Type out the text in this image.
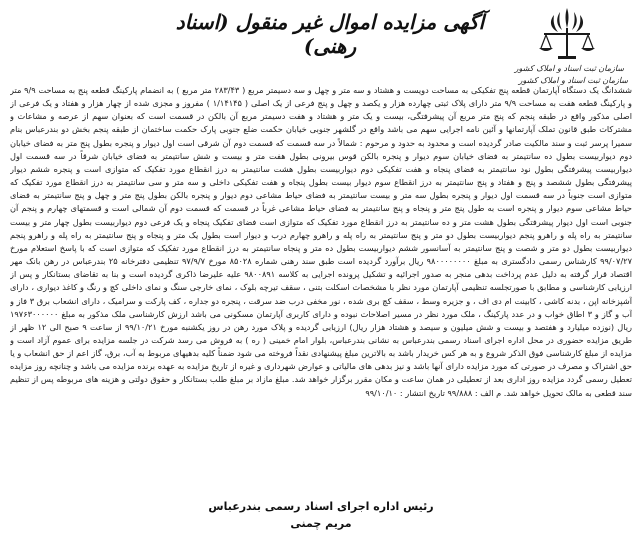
آگهی مزایده اموال غیر منقول (اسناد رهنی)
سازمان ثبت اسناد و املاک کشور
سازمان ثبت اسناد و املاک کشور
ششدانگ یک دستگاه آپارتمان قطعه پنج تفکیکی به مساحت دویست و هشتاد و سه متر و چهل و سه دسیمتر مربع ( ۲۸۳/۴۳ متر مربع ) به انضمام پارکینگ قطعه پنج به مساحت ۹/۹ متر و پارکینگ قطعه هفت به مساحت ۹/۹ متر دارای پلاک ثبتی چهارده هزار و یکصد و چهل و پنج فرعی از یک اصلی ( ۱/۱۴۱۴۵ ) مفروز و مجزی شده از چهار هزار و هفتاد و یک فرعی از اصلی مذکور واقع در طبقه پنجم که پنج متر مربع آن پیشرفتگی، بیست و یک متر و هشتاد و هفت دسیمتر مربع آن بالکن در قسمت است که بعنوان سهم از عرصه و مشاعات و مشترکات طبق قانون تملک آپارتمانها و آئین نامه اجرایی سهم می باشد واقع در گلشهر جنوبی خیابان حکمت ضلع جنوبی پارک حکمت ساختمان از طبقه پنجم بخش دو بندرعباس بنام سمیرا پرسر ثبت و سند مالکیت صادر گردیده است و محدود به حدود و مرحوم : شمالاً در سه قسمت که قسمت دوم آن شرقی است اول دیوار و پنجره بطول پنج متر به فضای خیابان دوم دیواربیست بطول ده سانتیمتر به فضای خیابان سوم دیوار و پنجره بالکن قوس بیرونی بطول هفت متر و بیست و شش سانتیمتر به فضای خیابان شرقاً در سه قسمت اول دیواربیست پیشرفتگی بطول نود سانتیمتر به فضای پنجاه و هفت تفکیکی دوم دیواربیست بطول هشت سانتیمتر به درز انقطاع مورد تفکیک که متوازی است و پنجره ششم دیوار پیشرفتگی بطول ششصد و پنج و هفتاد و پنج سانتیمتر به درز انقطاع سوم دیوار بیست بطول پنجاه و هفت تفکیکی داخلی و سه متر و سی سانتیمتر به درز انقطاع مورد تفکیک که متوازی است جنوباً در سه قسمت اول دیوار و پنجره بطول سه متر و بیست سانتیمتر به فضای حیاط مشاعی دوم دیوار و پنجره بالکن بطول پنج متر و چهل و پنج سانتیمتر به فضای حیاط مشاعی سوم دیوار و پنجره است به طول پنج متر و پنجاه و پنج سانتیمتر به فضای حیاط مشاعی غرباً در قسمت که قسمت دوم آن شمالی است و قسمتهای چهارم و پنجم آن جنوبی است اول دیوار پیشرفتگی بطول هشت متر و ده سانتیمتر به درز انقطاع مورد تفکیک که متوازی است فضای تفکیک پنجاه و یک فرعی دوم دیواربیست بطول چهار متر و بیست سانتیمتر به راه پله و راهرو پنجم دیواربیست بطول دو متر و پنج سانتیمتر به راه پله و راهرو چهارم درب و دیوار است بطول یک متر و پنجاه و پنج سانتیمتر به راه پله و راهرو پنجم دیواربیست بطول دو متر و شصت و پنج سانتیمتر به آسانسور ششم دیواربیست بطول ده متر و پنجاه سانتیمتر به درز انقطاع مورد تفکیک که متوازی است که با پاسخ استعلام مورخ ۹۹/۰۷/۲۷ کارشناس رسمی دادگستری به مبلغ ۹۸۰۰۰۰۰۰۰۰ ریال برآورد گردیده است طبق سند رهنی شماره ۸۵۰۲۸ مورخ ۹۷/۹/۷ تنظیمی دفترخانه ۲۵ بندرعباس در رهن بانک مهر اقتصاد قرار گرفته به دلیل عدم پرداخت بدهی منجر به صدور اجرائیه و تشکیل پرونده اجرایی به کلاسه ۹۸۰۰۸۹۱ علیه علیرضا ذاکری گردیده است و بنا به تقاضای بستانکار و پس از ارزیابی کارشناسی و مطابق با صورتجلسه تنظیمی آپارتمان مورد نظر با مشخصات اسکلت بتنی ، سقف تیرچه بلوک ، نمای خارجی سنگ و نمای داخلی کچ و رنگ و کاغذ دیواری ، دارای آشپزخانه اپن ، بدنه کاشی ، کابینت ام دی اف ، و جزیره وسط ، سقف کچ بری شده ، نور مخفی درب ضد سرقت ، پنجره دو جداره ، کف پارکت و سرامیک ، دارای انشعاب برق ۳ فاز و آب و گاز و ۳ اطاق خواب و در عدد پارکینگ ، ملک مورد نظر در مسیر اصلاحات نبوده و دارای کاربری آپارتمان مسکونی می باشد ارزش کارشناسی ملک مذکور به مبلغ ۱۹۷۶۳۰۰۰۰۰۰ ریال (نوزده میلیارد و هفتصد و بیست و شش میلیون و سیصد و هشتاد هزار ریال) ارزیابی گردیده و پلاک مورد رهن در روز یکشنبه مورخ ۹۹/۱۰/۲۱ از ساعت ۹ صبح الی ۱۲ ظهر از طریق مزایده حضوری در محل اداره اجرای اسناد رسمی بندرعباس به نشانی بندرعباس، بلوار امام خمینی ( ره ) به فروش می رسد شرکت در جلسه مزایده برای عموم آزاد است و مزایده از مبلغ کارشناسی فوق الذکر شروع و به هر کس خریدار باشد به بالاترین مبلغ پیشنهادی نقداً فروخته می شود ضمناً کلیه بدهیهای مربوط به آب، برق، گاز اعم از حق انشعاب و یا حق اشتراک و مصرف در صورتی که مورد مزایده دارای آنها باشد و نیز بدهی های مالیاتی و عوارض شهرداری و غیره از تاریخ مزایده به عهده برنده مزایده می باشد و چنانچه روز مزایده تعطیل رسمی گردد مزایده روز اداری بعد از تعطیلی در همان ساعت و مکان مقرر برگزار خواهد شد. مبلغ مازاد بر مبلغ طلب بستانکار و حقوق دولتی و هزینه های مربوطه پس از تنظیم سند قطعی به مالک تحویل خواهد شد. م الف : ۹۹/۸۸۸ تاریخ انتشار : ۹۹/۱۰/۱۰
رئیس اداره اجرای اسناد رسمی بندرعباس
مریم چمنی
